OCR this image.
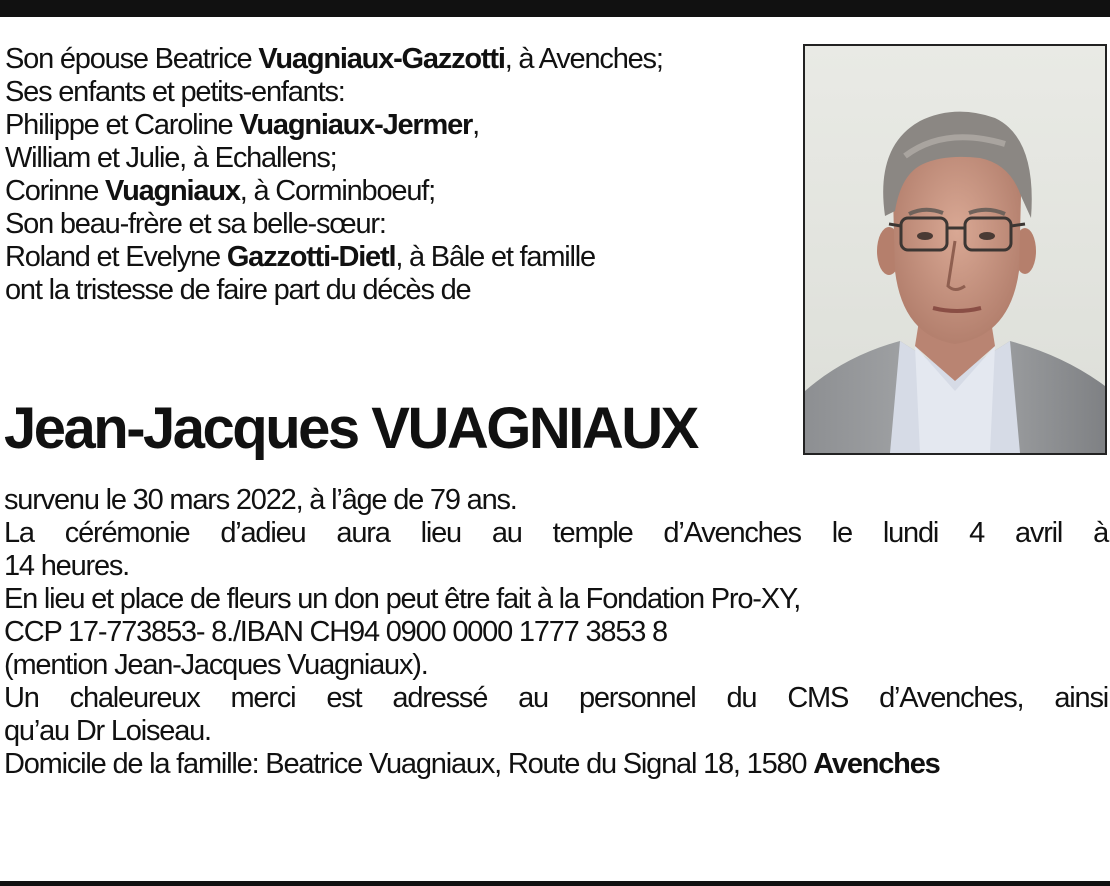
Son épouse Beatrice Vuagniaux-Gazzotti, à Avenches;
Ses enfants et petits-enfants:
Philippe et Caroline Vuagniaux-Jermer,
William et Julie, à Echallens;
Corinne Vuagniaux, à Corminboeuf;
Son beau-frère et sa belle-sœur:
Roland et Evelyne Gazzotti-Dietl, à Bâle et famille
ont la tristesse de faire part du décès de
Jean-Jacques VUAGNIAUX
survenu le 30 mars 2022, à l’âge de 79 ans.
La cérémonie d’adieu aura lieu au temple d’Avenches le lundi 4 avril à
14 heures.
En lieu et place de fleurs un don peut être fait à la Fondation Pro-XY,
CCP 17-773853- 8./IBAN CH94 0900 0000 1777 3853 8
(mention Jean-Jacques Vuagniaux).
Un chaleureux merci est adressé au personnel du CMS d’Avenches, ainsi
qu’au Dr Loiseau.
Domicile de la famille: Beatrice Vuagniaux, Route du Signal 18, 1580 Avenches
